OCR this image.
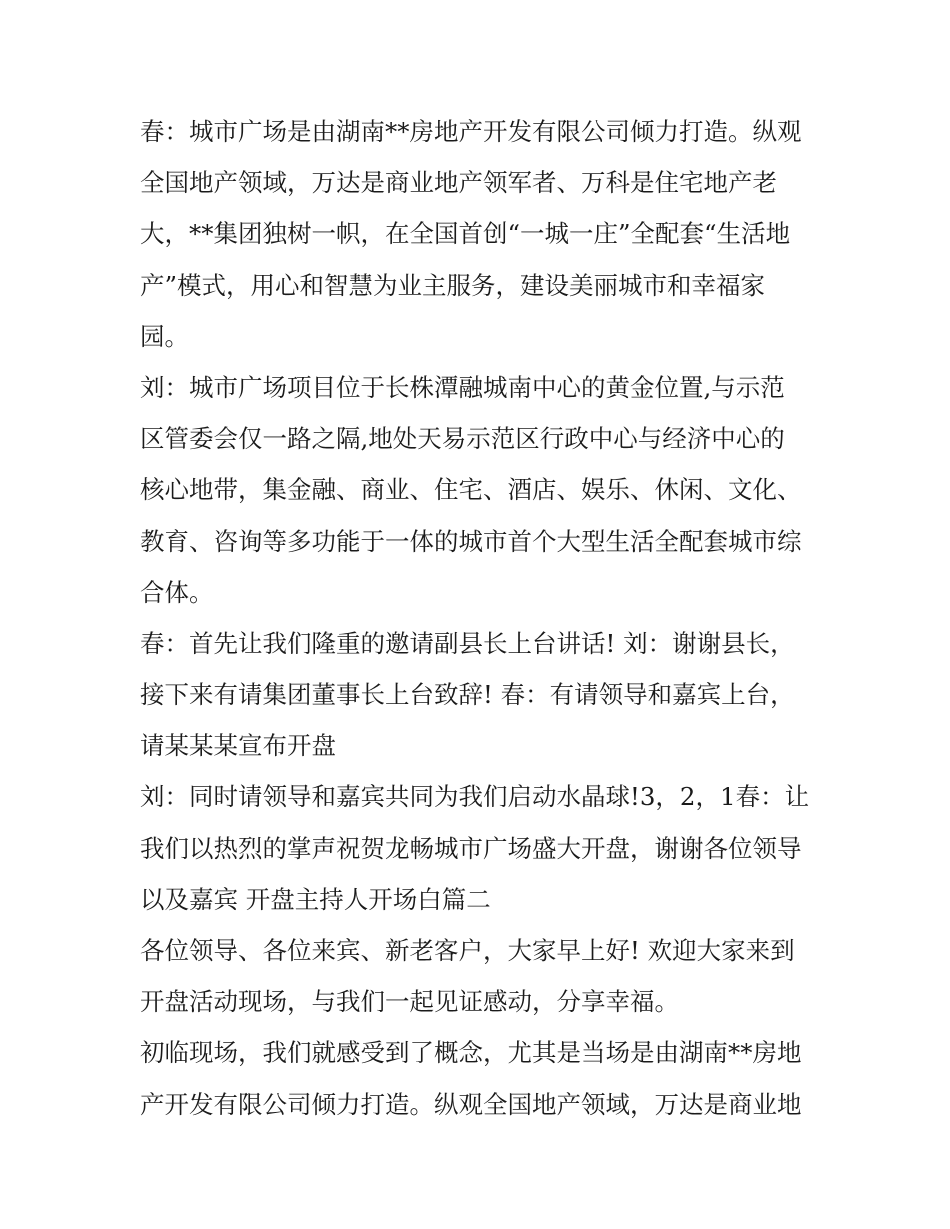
春：城市广场是由湖南**房地产开发有限公司倾力打造。纵观
全国地产领域，万达是商业地产领军者、万科是住宅地产老
大，**集团独树一帜，在全国首创“一城一庄”全配套“生活地
产”模式，用心和智慧为业主服务，建设美丽城市和幸福家
园。
刘：城市广场项目位于长株潭融城南中心的黄金位置,与示范
区管委会仅一路之隔,地处天易示范区行政中心与经济中心的
核心地带，集金融、商业、住宅、酒店、娱乐、休闲、文化、
教育、咨询等多功能于一体的城市首个大型生活全配套城市综
合体。
春：首先让我们隆重的邀请副县长上台讲话! 刘：谢谢县长，
接下来有请集团董事长上台致辞! 春：有请领导和嘉宾上台，
请某某某宣布开盘
刘：同时请领导和嘉宾共同为我们启动水晶球!3，2，1春：让
我们以热烈的掌声祝贺龙畅城市广场盛大开盘，谢谢各位领导
以及嘉宾 开盘主持人开场白篇二
各位领导、各位来宾、新老客户，大家早上好! 欢迎大家来到
开盘活动现场，与我们一起见证感动，分享幸福。
初临现场，我们就感受到了概念，尤其是当场是由湖南**房地
产开发有限公司倾力打造。纵观全国地产领域，万达是商业地
